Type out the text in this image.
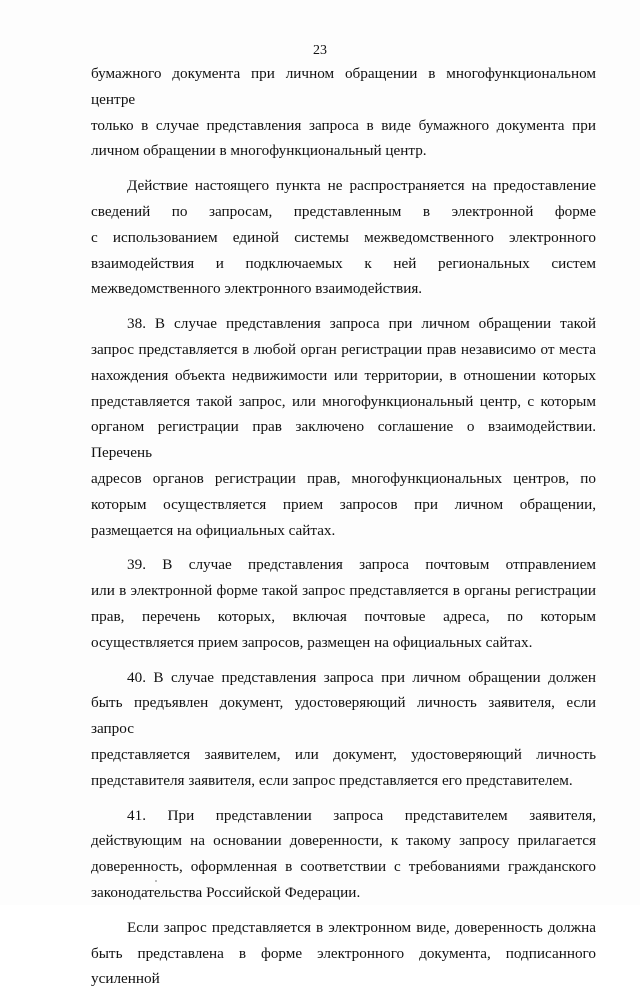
23

бумажного документа при личном обращении в многофункциональном центре
только в случае представления запроса в виде бумажного документа при
личном обращении в многофункциональный центр.

Действие настоящего пункта не распространяется на предоставление
сведений по запросам, представленным в электронной форме
с использованием единой системы межведомственного электронного
взаимодействия и подключаемых к ней региональных систем
межведомственного электронного взаимодействия.

38. В случае представления запроса при личном обращении такой
запрос представляется в любой орган регистрации прав независимо от места
нахождения объекта недвижимости или территории, в отношении которых
представляется такой запрос, или многофункциональный центр, с которым
органом регистрации прав заключено соглашение о взаимодействии. Перечень
адресов органов регистрации прав, многофункциональных центров, по
которым осуществляется прием запросов при личном обращении,
размещается на официальных сайтах.

39. В случае представления запроса почтовым отправлением
или в электронной форме такой запрос представляется в органы регистрации
прав, перечень которых, включая почтовые адреса, по которым
осуществляется прием запросов, размещен на официальных сайтах.

40. В случае представления запроса при личном обращении должен
быть предъявлен документ, удостоверяющий личность заявителя, если запрос
представляется заявителем, или документ, удостоверяющий личность
представителя заявителя, если запрос представляется его представителем.

41. При представлении запроса представителем заявителя,
действующим на основании доверенности, к такому запросу прилагается
доверенность, оформленная в соответствии с требованиями гражданского
законодательства Российской Федерации.

Если запрос представляется в электронном виде, доверенность должна
быть представлена в форме электронного документа, подписанного усиленной
